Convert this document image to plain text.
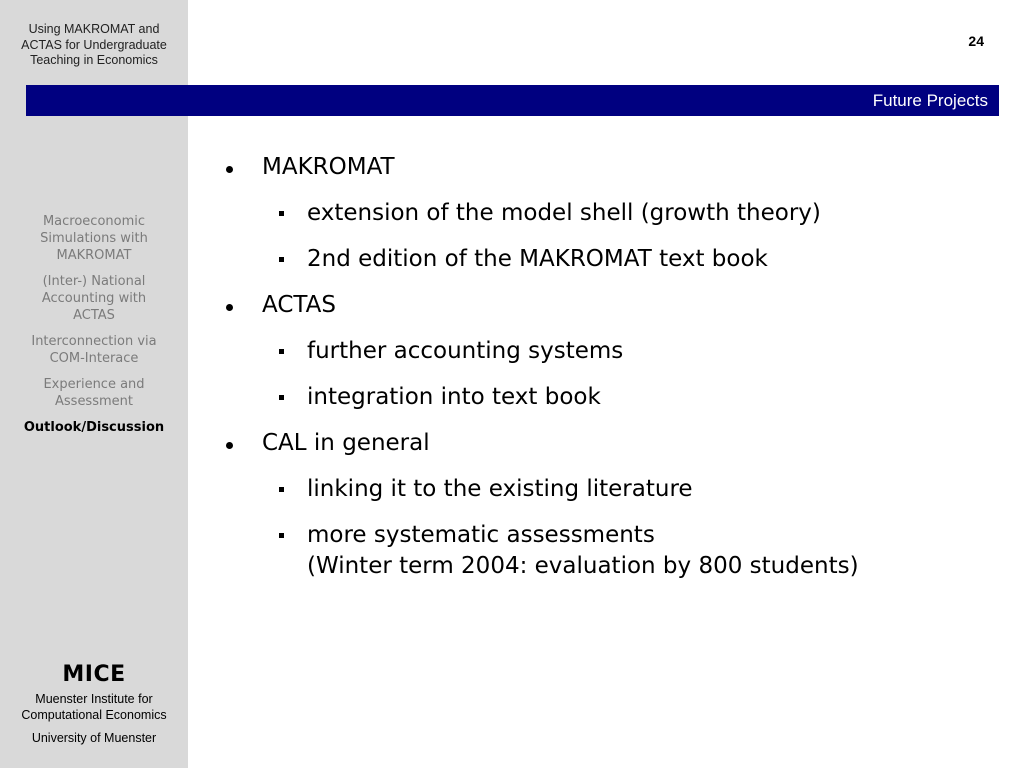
Using MAKROMAT and
ACTAS for Undergraduate
Teaching in Economics
Macroeconomic
Simulations with
MAKROMAT
(Inter-) National
Accounting with
ACTAS
Interconnection via
COM-Interace
Experience and
Assessment
Outlook/Discussion
MICE
Muenster Institute for
Computational Economics
University of Muenster
24
Future Projects
MAKROMAT
extension of the model shell (growth theory)
2nd edition of the MAKROMAT text book
ACTAS
further accounting systems
integration into text book
CAL in general
linking it to the existing literature
more systematic assessments
(Winter term 2004: evaluation by 800 students)
